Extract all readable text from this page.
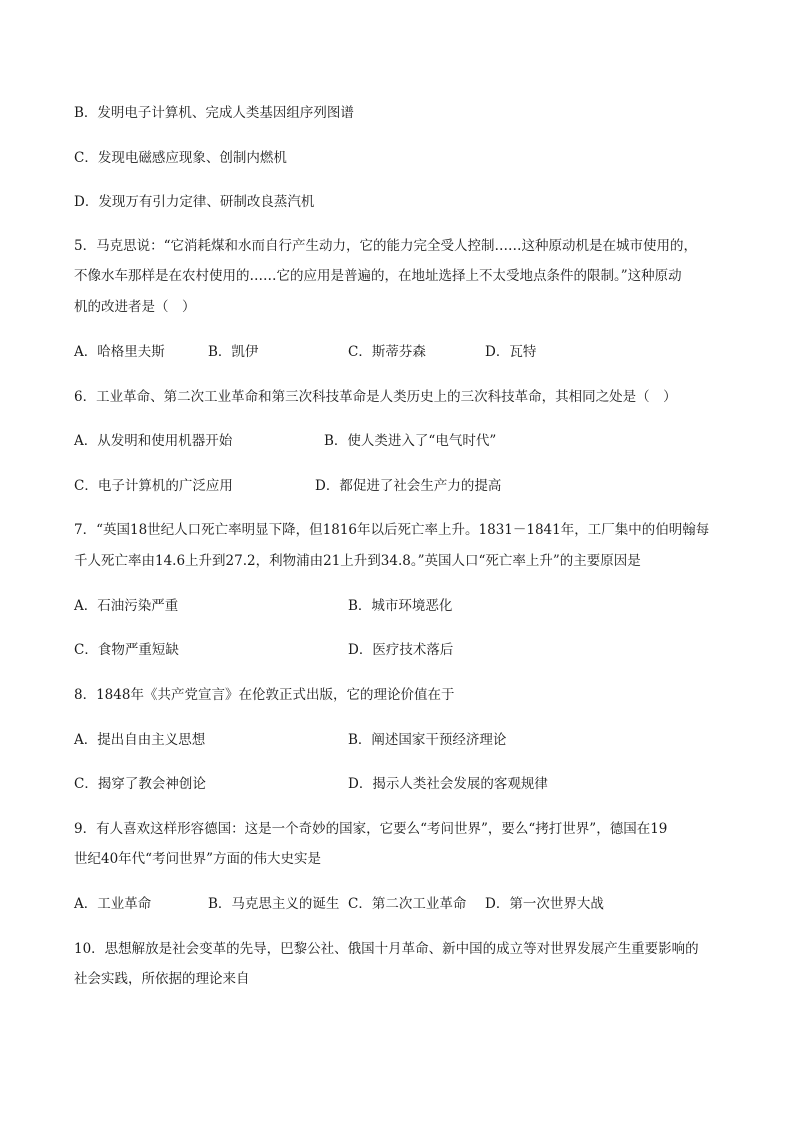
B．发明电子计算机、完成人类基因组序列图谱
C．发现电磁感应现象、创制内燃机
D．发现万有引力定律、研制改良蒸汽机
5．马克思说：“它消耗煤和水而自行产生动力，它的能力完全受人控制……这种原动机是在城市使用的，
不像水车那样是在农村使用的……它的应用是普遍的，在地址选择上不太受地点条件的限制。”这种原动
机的改进者是（　）
A．哈格里夫斯	B．凯伊	C．斯蒂芬森	D．瓦特
6．工业革命、第二次工业革命和第三次科技革命是人类历史上的三次科技革命，其相同之处是（　）
A．从发明和使用机器开始	B．使人类进入了“电气时代”
C．电子计算机的广泛应用	D．都促进了社会生产力的提高
7．“英国18世纪人口死亡率明显下降，但1816年以后死亡率上升。1831－1841年，工厂集中的伯明翰每
千人死亡率由14.6上升到27.2，利物浦由21上升到34.8。”英国人口“死亡率上升”的主要原因是
A．石油污染严重	B．城市环境恶化
C．食物严重短缺	D．医疗技术落后
8．1848年《共产党宣言》在伦敦正式出版，它的理论价值在于
A．提出自由主义思想	B．阐述国家干预经济理论
C．揭穿了教会神创论	D．揭示人类社会发展的客观规律
9．有人喜欢这样形容德国：这是一个奇妙的国家，它要么“考问世界”，要么“拷打世界”，德国在19
世纪40年代“考问世界”方面的伟大史实是
A．工业革命	B．马克思主义的诞生 C．第二次工业革命 D．第一次世界大战
10．思想解放是社会变革的先导，巴黎公社、俄国十月革命、新中国的成立等对世界发展产生重要影响的
社会实践，所依据的理论来自
